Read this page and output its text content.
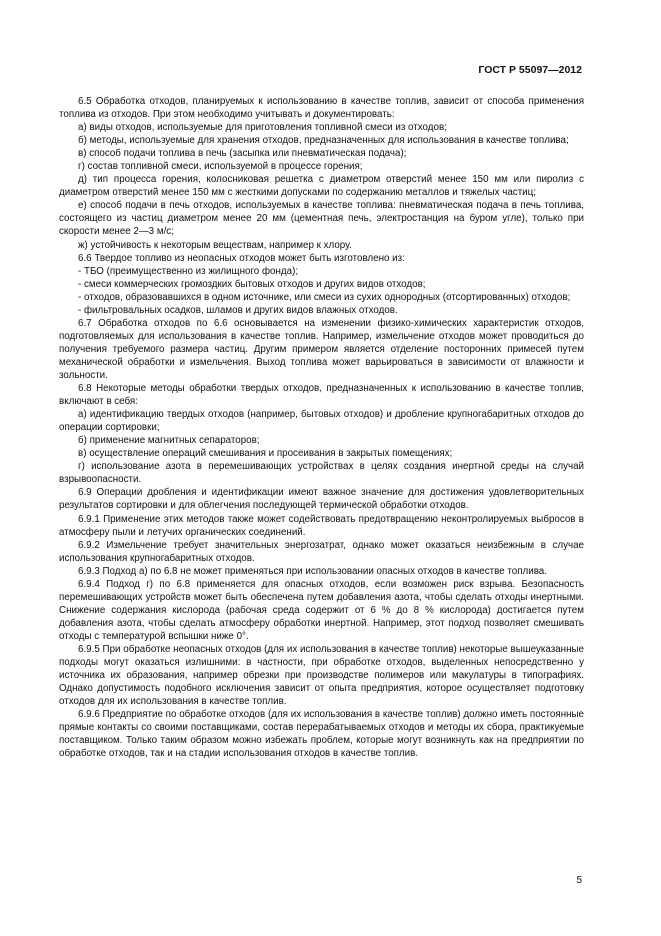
ГОСТ Р 55097—2012

6.5 Обработка отходов, планируемых к использованию в качестве топлив, зависит от способа применения топлива из отходов. При этом необходимо учитывать и документировать:

а) виды отходов, используемые для приготовления топливной смеси из отходов;

б) методы, используемые для хранения отходов, предназначенных для использования в качестве топлива;

в) способ подачи топлива в печь (засыпка или пневматическая подача);

г) состав топливной смеси, используемой в процессе горения;

д) тип процесса горения, колосниковая решетка с диаметром отверстий менее 150 мм или пиролиз с диаметром отверстий менее 150 мм с жесткими допусками по содержанию металлов и тяжелых частиц;

е) способ подачи в печь отходов, используемых в качестве топлива: пневматическая подача в печь топлива, состоящего из частиц диаметром менее 20 мм (цементная печь, электростанция на буром угле), только при скорости менее 2—3 м/с;

ж) устойчивость к некоторым веществам, например к хлору.

6.6 Твердое топливо из неопасных отходов может быть изготовлено из:

- ТБО (преимущественно из жилищного фонда);

- смеси коммерческих громоздких бытовых отходов и других видов отходов;

- отходов, образовавшихся в одном источнике, или смеси из сухих однородных (отсортированных) отходов;

- фильтровальных осадков, шламов и других видов влажных отходов.

6.7 Обработка отходов по 6.6 основывается на изменении физико-химических характеристик отходов, подготовляемых для использования в качестве топлив. Например, измельчение отходов может проводиться до получения требуемого размера частиц. Другим примером является отделение посторонних примесей путем механической обработки и измельчения. Выход топлива может варьироваться в зависимости от влажности и зольности.

6.8 Некоторые методы обработки твердых отходов, предназначенных к использованию в качестве топлив, включают в себя:

а) идентификацию твердых отходов (например, бытовых отходов) и дробление крупногабаритных отходов до операции сортировки;

б) применение магнитных сепараторов;

в) осуществление операций смешивания и просеивания в закрытых помещениях;

г) использование азота в перемешивающих устройствах в целях создания инертной среды на случай взрывоопасности.

6.9 Операции дробления и идентификации имеют важное значение для достижения удовлетворительных результатов сортировки и для облегчения последующей термической обработки отходов.

6.9.1 Применение этих методов также может содействовать предотвращению неконтролируемых выбросов в атмосферу пыли и летучих органических соединений.

6.9.2 Измельчение требует значительных энергозатрат, однако может оказаться неизбежным в случае использования крупногабаритных отходов.

6.9.3 Подход а) по 6.8 не может применяться при использовании опасных отходов в качестве топлива.

6.9.4 Подход г) по 6.8 применяется для опасных отходов, если возможен риск взрыва. Безопасность перемешивающих устройств может быть обеспечена путем добавления азота, чтобы сделать отходы инертными. Снижение содержания кислорода (рабочая среда содержит от 6 % до 8 % кислорода) достигается путем добавления азота, чтобы сделать атмосферу обработки инертной. Например, этот подход позволяет смешивать отходы с температурой вспышки ниже 0°.

6.9.5 При обработке неопасных отходов (для их использования в качестве топлив) некоторые вышеуказанные подходы могут оказаться излишними: в частности, при обработке отходов, выделенных непосредственно у источника их образования, например обрезки при производстве полимеров или макулатуры в типографиях. Однако допустимость подобного исключения зависит от опыта предприятия, которое осуществляет подготовку отходов для их использования в качестве топлив.

6.9.6 Предприятие по обработке отходов (для их использования в качестве топлив) должно иметь постоянные прямые контакты со своими поставщиками, состав перерабатываемых отходов и методы их сбора, практикуемые поставщиком. Только таким образом можно избежать проблем, которые могут возникнуть как на предприятии по обработке отходов, так и на стадии использования отходов в качестве топлив.

5
